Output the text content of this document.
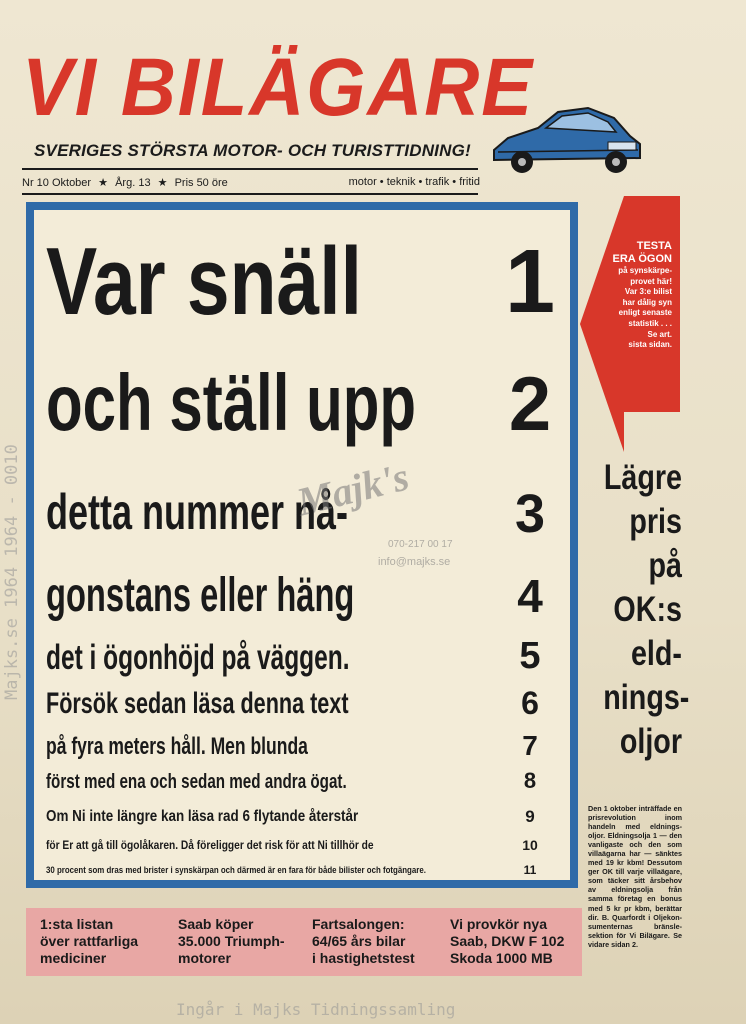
VI BILÄGARE
SVERIGES STÖRSTA MOTOR- OCH TURISTTIDNING!
Nr 10 Oktober ★ Årg. 13 ★ Pris 50 öre	motor • teknik • trafik • fritid
Var snäll 1
och ställ upp 2
detta nummer nå-	3
gonstans eller häng	4
det i ögonhöjd på väggen.	5
Försök sedan läsa denna text	6
på fyra meters håll. Men blunda	7
först med ena och sedan med andra ögat.	8
Om Ni inte längre kan läsa rad 6 flytande återstår	9
för Er att gå till ögolåkaren. Då föreligger det risk för att Ni tillhör de	10
30 procent som dras med brister i synskärpan och därmed är en fara för både bilister och fotgängare.	11
TESTA
ERA ÖGON
på synskärpe-
provet här!
Var 3:e bilist
har dålig syn
enligt senaste
statistik . . .
Se art.
sista sidan.
Lägre
pris
på
OK:s
eld-
nings-
oljor
Den 1 oktober inträffade en prisrevolution inom handeln med eldnings-oljor. Eldningsolja 1 — den vanligaste och den som villaägarna har — sänktes med 19 kr kbm! Dessutom ger OK till varje villaägare, som täcker sitt årsbehov av eldningsolja från samma företag en bonus med 5 kr pr kbm, berättar dir. B. Quarfordt i Oljekon-sumenternas bränsle-sektion för Vi Bilägare. Se vidare sidan 2.
1:sta listan
över rattfarliga
mediciner
Saab köper
35.000 Triumph-
motorer
Fartsalongen:
64/65 års bilar
i hastighetstest
Vi provkör nya
Saab, DKW F 102
Skoda 1000 MB
Majk's
070-217 00 17
info@majks.se
Majks.se 1964 1964 - 0010
Ingår i Majks Tidningssamling
